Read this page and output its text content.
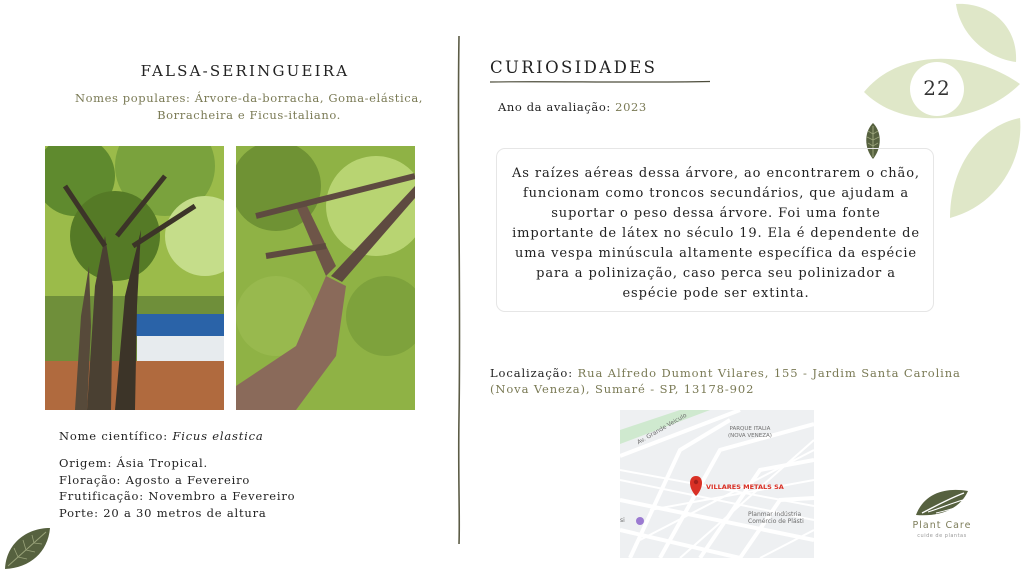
22
FALSA-SERINGUEIRA
Nomes populares: Árvore-da-borracha, Goma-elástica, Borracheira e Ficus-italiano.
Nome científico: Ficus elastica
Origem: Ásia Tropical.
Floração: Agosto a Fevereiro
Frutificação: Novembro a Fevereiro
Porte: 20 a 30 metros de altura
CURIOSIDADES
Ano da avaliação: 2023
As raízes aéreas dessa árvore, ao encontrarem o chão, funcionam como troncos secundários, que ajudam a suportar o peso dessa árvore. Foi uma fonte importante de látex no século 19. Ela é dependente de uma vespa minúscula altamente específica da espécie para a polinização, caso perca seu polinizador a espécie pode ser extinta.
Localização: Rua Alfredo Dumont Vilares, 155 - Jardim Santa Carolina (Nova Veneza), Sumaré - SP, 13178-902
Av. Grande Veiculo	PARQUE ITALIA
(NOVA VENEZA)
VILLARES METALS SA
Planmar Indústria
Comércio de Plásti
si	Plant Care
cuide de plantas
